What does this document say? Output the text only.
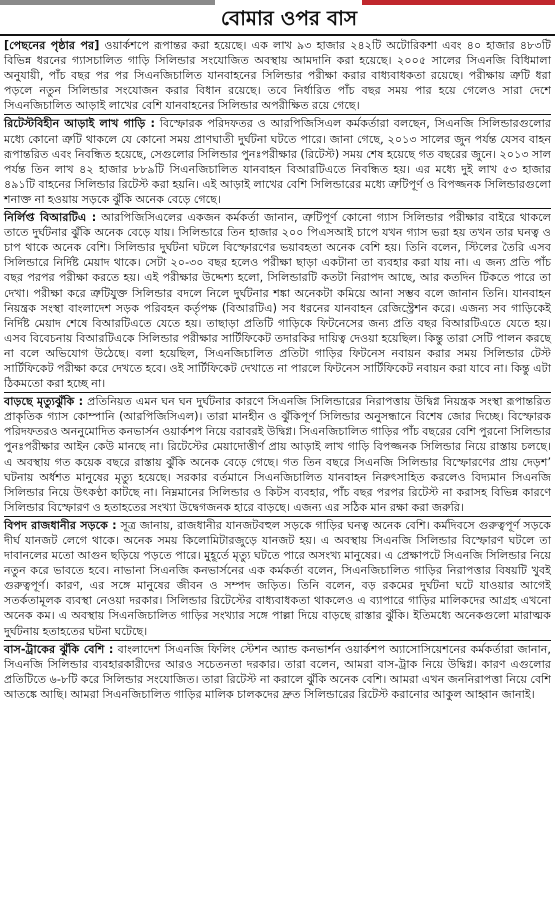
বোমার ওপর বাস

[পেছনের পৃষ্ঠার পর] ওয়ার্কশপে রূপান্তর করা হয়েছে। এক লাখ ৯৩ হাজার ২৪২টি অটোরিকশা এবং ৪০ হাজার ৪৮৩টি বিভিন্ন ধরনের গ্যাসচালিত গাড়ি সিলিন্ডার সংযোজিত অবস্থায় আমদানি করা হয়েছে। ২০০৫ সালের সিএনজি বিধিমালা অনুযায়ী, পাঁচ বছর পর পর সিএনজিচালিত যানবাহনের সিলিন্ডার পরীক্ষা করার বাধ্যবাধকতা রয়েছে। পরীক্ষায় ত্রুটি ধরা পড়লে নতুন সিলিন্ডার সংযোজন করার বিধান রয়েছে। তবে নির্ধারিত পাঁচ বছর সময় পার হয়ে গেলেও সারা দেশে সিএনজিচালিত আড়াই লাখের বেশি যানবাহনের সিলিন্ডার অপরীক্ষিত রয়ে গেছে।

রিটেস্টবিহীন আড়াই লাখ গাড়ি : বিস্ফোরক পরিদফতর ও আরপিজিসিএল কর্মকর্তারা বলছেন, সিএনজি সিলিন্ডারগুলোর মধ্যে কোনো ত্রুটি থাকলে যে কোনো সময় প্রাণঘাতী দুর্ঘটনা ঘটতে পারে। জানা গেছে, ২০১৩ সালের জুন পর্যন্ত যেসব বাহন রূপান্তরিত এবং নিবন্ধিত হয়েছে, সেগুলোর সিলিন্ডার পুনঃপরীক্ষার (রিটেস্ট) সময় শেষ হয়েছে গত বছরের জুনে। ২০১৩ সাল পর্যন্ত তিন লাখ ৪২ হাজার ৮৮৯টি সিএনজিচালিত যানবাহন বিআরটিএতে নিবন্ধিত হয়। এর মধ্যে দুই লাখ ৫৩ হাজার ৪৯১টি বাহনের সিলিন্ডার রিটেস্ট করা হয়নি। এই আড়াই লাখের বেশি সিলিন্ডারের মধ্যে ত্রুটিপূর্ণ ও বিপজ্জনক সিলিন্ডারগুলো শনাক্ত না হওয়ায় সড়কে ঝুঁকি অনেক বেড়ে গেছে।

নির্লিপ্ত বিআরটিএ : আরপিজিসিএলের একজন কর্মকর্তা জানান, ত্রুটিপূর্ণ কোনো গ্যাস সিলিন্ডার পরীক্ষার বাইরে থাকলে তাতে দুর্ঘটনার ঝুঁকি অনেক বেড়ে যায়। সিলিন্ডারে তিন হাজার ২০০ পিএসআই চাপে যখন গ্যাস ভরা হয় তখন তার ঘনত্ব ও চাপ থাকে অনেক বেশি। সিলিন্ডার দুর্ঘটনা ঘটলে বিস্ফোরণের ভয়াবহতা অনেক বেশি হয়। তিনি বলেন, স্টিলের তৈরি এসব সিলিন্ডারে নির্দিষ্ট মেয়াদ থাকে। সেটা ২০-৩০ বছর হলেও পরীক্ষা ছাড়া একটানা তা ব্যবহার করা যায় না। এ জন্য প্রতি পাঁচ বছর পরপর পরীক্ষা করতে হয়। এই পরীক্ষার উদ্দেশ্য হলো, সিলিন্ডারটি কতটা নিরাপদ আছে, আর কতদিন টিকতে পারে তা দেখা। পরীক্ষা করে ত্রুটিযুক্ত সিলিন্ডার বদলে নিলে দুর্ঘটনার শঙ্কা অনেকটা কমিয়ে আনা সম্ভব বলে জানান তিনি। যানবাহন নিয়ন্ত্রক সংস্থা বাংলাদেশ সড়ক পরিবহন কর্তৃপক্ষ (বিআরটিএ) সব ধরনের যানবাহন রেজিস্ট্রেশন করে। এজন্য সব গাড়িকেই নির্দিষ্ট মেয়াদ শেষে বিআরটিএতে যেতে হয়। তাছাড়া প্রতিটি গাড়িকে ফিটনেসের জন্য প্রতি বছর বিআরটিএতে যেতে হয়। এসব বিবেচনায় বিআরটিএকে সিলিন্ডার পরীক্ষার সার্টিফিকেট তদারকির দায়িত্ব দেওয়া হয়েছিল। কিন্তু তারা সেটি পালন করছে না বলে অভিযোগ উঠেছে। বলা হয়েছিল, সিএনজিচালিত প্রতিটা গাড়ির ফিটনেস নবায়ন করার সময় সিলিন্ডার টেস্ট সার্টিফিকেট পরীক্ষা করে দেখতে হবে। ওই সার্টিফিকেট দেখাতে না পারলে ফিটনেস সার্টিফিকেট নবায়ন করা যাবে না। কিন্তু এটা ঠিকমতো করা হচ্ছে না।

বাড়ছে মৃত্যুঝুঁকি : প্রতিনিয়ত এমন ঘন ঘন দুর্ঘটনার কারণে সিএনজি সিলিন্ডারের নিরাপত্তায় উদ্বিগ্ন নিয়ন্ত্রক সংস্থা রূপান্তরিত প্রাকৃতিক গ্যাস কোম্পানি (আরপিজিসিএল)। তারা মানহীন ও ঝুঁকিপূর্ণ সিলিন্ডার অনুসন্ধানে বিশেষ জোর দিচ্ছে। বিস্ফোরক পরিদফতরও অননুমোদিত কনভার্সন ওয়ার্কশপ নিয়ে বরাবরই উদ্বিগ্ন। সিএনজিচালিত গাড়ির পাঁচ বছরের বেশি পুরনো সিলিন্ডার পুনঃপরীক্ষার আইন কেউ মানছে না। রিটেস্টের মেয়াদোত্তীর্ণ প্রায় আড়াই লাখ গাড়ি বিপজ্জনক সিলিন্ডার নিয়ে রাস্তায় চলছে। এ অবস্থায় গত কয়েক বছরে রাস্তায় ঝুঁকি অনেক বেড়ে গেছে। গত তিন বছরে সিএনজি সিলিন্ডার বিস্ফোরণের প্রায় দেড়শ’ ঘটনায় অর্ধশত মানুষের মৃত্যু হয়েছে। সরকার বর্তমানে সিএনজিচালিত যানবাহন নিরুৎসাহিত করলেও বিদ্যমান সিএনজি সিলিন্ডার নিয়ে উৎকণ্ঠা কাটছে না। নিম্নমানের সিলিন্ডার ও কিটস ব্যবহার, পাঁচ বছর পরপর রিটেস্ট না করাসহ বিভিন্ন কারণে সিলিন্ডার বিস্ফোরণ ও হতাহতের সংখ্যা উদ্বেগজনক হারে বাড়ছে। এজন্য এর সঠিক মান রক্ষা করা জরুরি।

বিপদ রাজধানীর সড়কে : সূত্র জানায়, রাজধানীর যানজটবহুল সড়কে গাড়ির ঘনত্ব অনেক বেশি। কর্মদিবসে গুরুত্বপূর্ণ সড়কে দীর্ঘ যানজট লেগে থাকে। অনেক সময় কিলোমিটারজুড়ে যানজট হয়। এ অবস্থায় সিএনজি সিলিন্ডার বিস্ফোরণ ঘটলে তা দাবানলের মতো আগুন ছড়িয়ে পড়তে পারে। মুহূর্তে মৃত্যু ঘটতে পারে অসংখ্য মানুষের। এ প্রেক্ষাপটে সিএনজি সিলিন্ডার নিয়ে নতুন করে ভাবতে হবে। নাভানা সিএনজি কনভার্সনের এক কর্মকর্তা বলেন, সিএনজিচালিত গাড়ির নিরাপত্তার বিষয়টি খুবই গুরুত্বপূর্ণ। কারণ, এর সঙ্গে মানুষের জীবন ও সম্পদ জড়িত। তিনি বলেন, বড় রকমের দুর্ঘটনা ঘটে যাওয়ার আগেই সতর্কতামূলক ব্যবস্থা নেওয়া দরকার। সিলিন্ডার রিটেস্টের বাধ্যবাধকতা থাকলেও এ ব্যাপারে গাড়ির মালিকদের আগ্রহ এখনো অনেক কম। এ অবস্থায় সিএনজিচালিত গাড়ির সংখ্যার সঙ্গে পাল্লা দিয়ে বাড়ছে রাস্তার ঝুঁকি। ইতিমধ্যে অনেকগুলো মারাত্মক দুর্ঘটনায় হতাহতের ঘটনা ঘটেছে।

বাস-ট্রাকের ঝুঁকি বেশি : বাংলাদেশ সিএনজি ফিলিং স্টেশন অ্যান্ড কনভার্শন ওয়ার্কশপ অ্যাসোসিয়েশনের কর্মকর্তারা জানান, সিএনজি সিলিন্ডার ব্যবহারকারীদের আরও সচেতনতা দরকার। তারা বলেন, আমরা বাস-ট্রাক নিয়ে উদ্বিগ্ন। কারণ এগুলোর প্রতিটিতে ৬-৮টি করে সিলিন্ডার সংযোজিত। তারা রিটেস্ট না করালে ঝুঁকি অনেক বেশি। আমরা এখন জননিরাপত্তা নিয়ে বেশি আতঙ্কে আছি। আমরা সিএনজিচালিত গাড়ির মালিক চালকদের দ্রুত সিলিন্ডারের রিটেস্ট করানোর আকুল আহ্বান জানাই।
